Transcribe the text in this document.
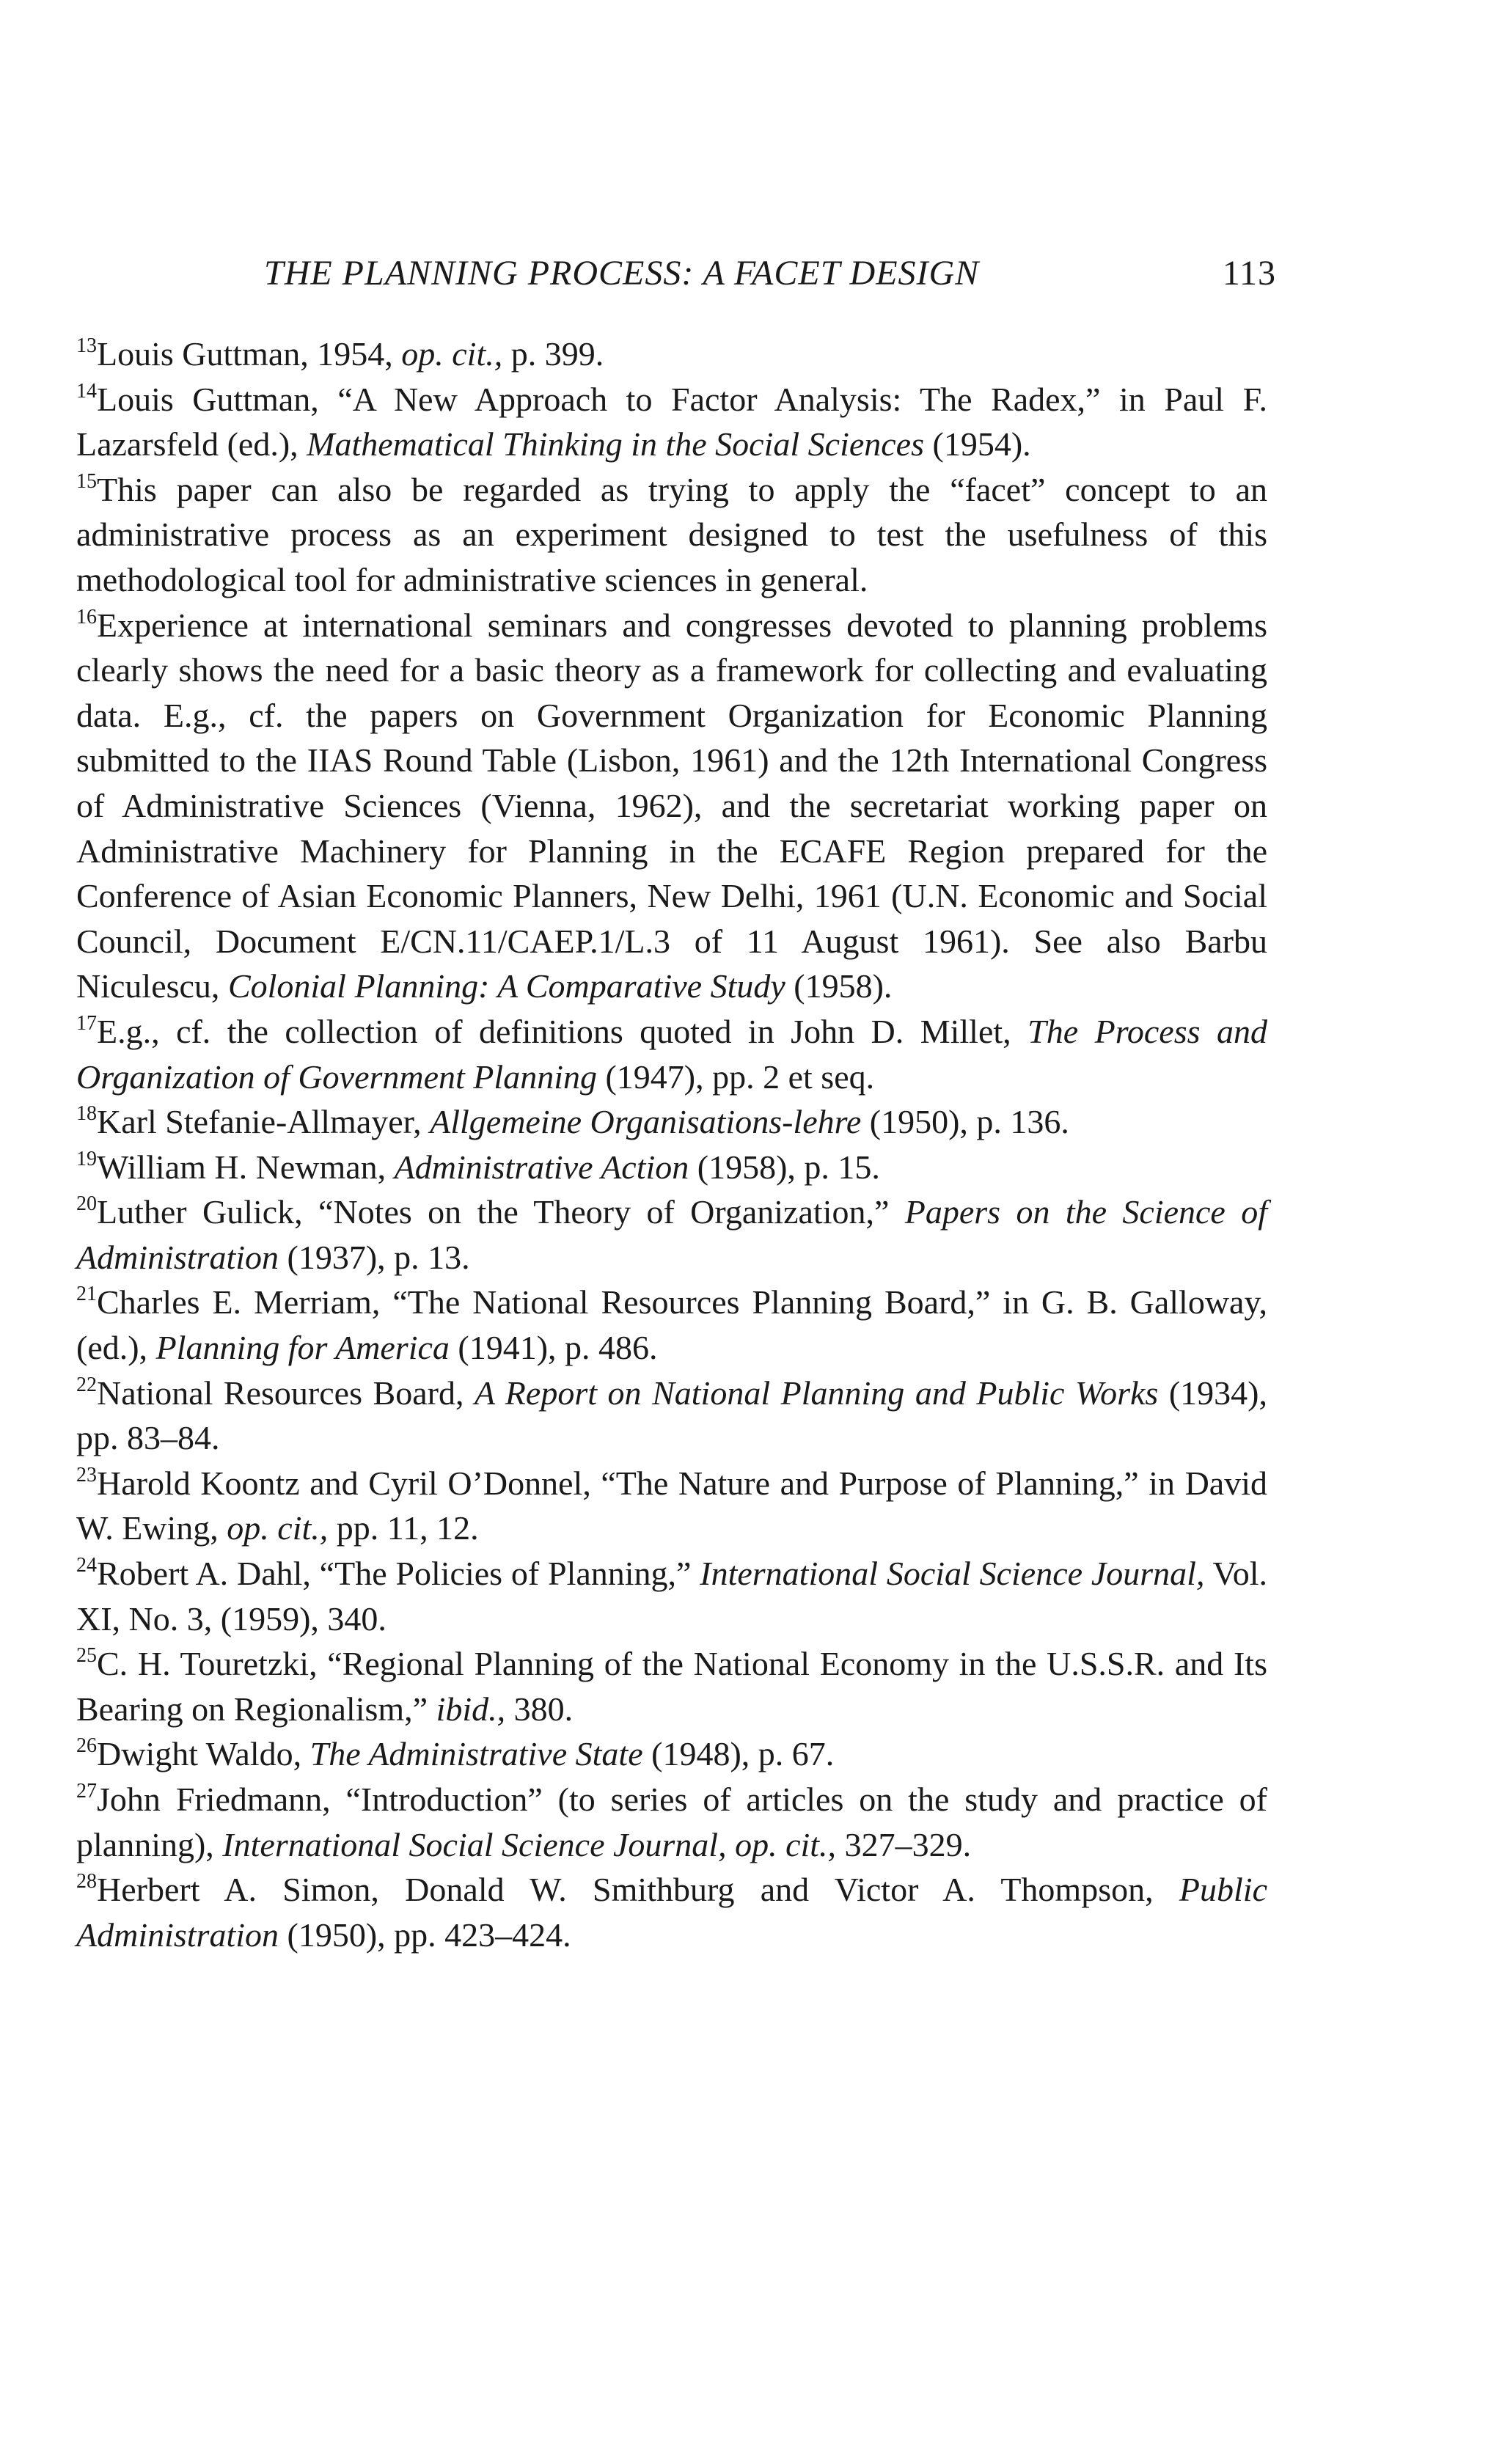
THE PLANNING PROCESS: A FACET DESIGN	113

$^{13}$Louis Guttman, 1954, op. cit., p. 399.

$^{14}$Louis Guttman, “A New Approach to Factor Analysis: The Radex,” in Paul F. Lazarsfeld (ed.), Mathematical Thinking in the Social Sciences (1954).

$^{15}$This paper can also be regarded as trying to apply the “facet” concept to an administrative process as an experiment designed to test the usefulness of this methodological tool for administrative sciences in general.

$^{16}$Experience at international seminars and congresses devoted to planning problems clearly shows the need for a basic theory as a framework for collecting and evaluating data. E.g., cf. the papers on Government Organization for Economic Planning submitted to the IIAS Round Table (Lisbon, 1961) and the 12th International Congress of Administrative Sciences (Vienna, 1962), and the secretariat working paper on Administrative Machinery for Planning in the ECAFE Region prepared for the Conference of Asian Economic Planners, New Delhi, 1961 (U.N. Economic and Social Council, Document E/CN.11/CAEP.1/L.3 of 11 August 1961). See also Barbu Niculescu, Colonial Planning: A Comparative Study (1958).

$^{17}$E.g., cf. the collection of definitions quoted in John D. Millet, The Process and Organization of Government Planning (1947), pp. 2 et seq.

$^{18}$Karl Stefanie-Allmayer, Allgemeine Organisations-lehre (1950), p. 136.

$^{19}$William H. Newman, Administrative Action (1958), p. 15.

$^{20}$Luther Gulick, “Notes on the Theory of Organization,” Papers on the Science of Administration (1937), p. 13.

$^{21}$Charles E. Merriam, “The National Resources Planning Board,” in G. B. Galloway, (ed.), Planning for America (1941), p. 486.

$^{22}$National Resources Board, A Report on National Planning and Public Works (1934), pp. 83–84.

$^{23}$Harold Koontz and Cyril O’Donnel, “The Nature and Purpose of Planning,” in David W. Ewing, op. cit., pp. 11, 12.

$^{24}$Robert A. Dahl, “The Policies of Planning,” International Social Science Journal, Vol. XI, No. 3, (1959), 340.

$^{25}$C. H. Touretzki, “Regional Planning of the National Economy in the U.S.S.R. and Its Bearing on Regionalism,” ibid., 380.

$^{26}$Dwight Waldo, The Administrative State (1948), p. 67.

$^{27}$John Friedmann, “Introduction” (to series of articles on the study and practice of planning), International Social Science Journal, op. cit., 327–329.

$^{28}$Herbert A. Simon, Donald W. Smithburg and Victor A. Thompson, Public Administration (1950), pp. 423–424.
